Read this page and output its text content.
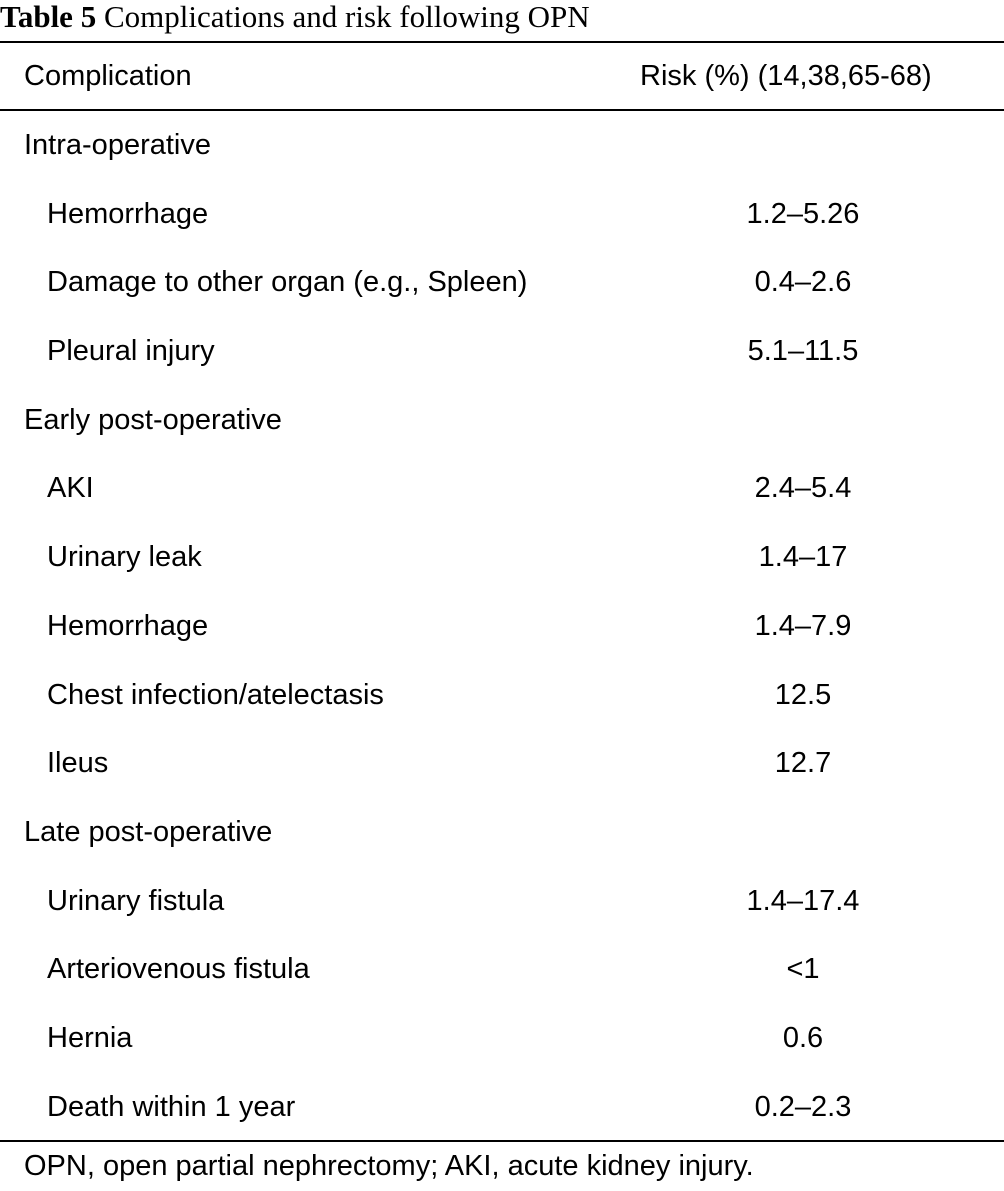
Table 5 Complications and risk following OPN
Complication	Risk (%) (14,38,65-68)
Intra-operative
Hemorrhage	1.2–5.26
Damage to other organ (e.g., Spleen)	0.4–2.6
Pleural injury	5.1–11.5
Early post-operative
AKI	2.4–5.4
Urinary leak	1.4–17
Hemorrhage	1.4–7.9
Chest infection/atelectasis	12.5
Ileus	12.7
Late post-operative
Urinary fistula	1.4–17.4
Arteriovenous fistula	<1
Hernia	0.6
Death within 1 year	0.2–2.3
OPN, open partial nephrectomy; AKI, acute kidney injury.
